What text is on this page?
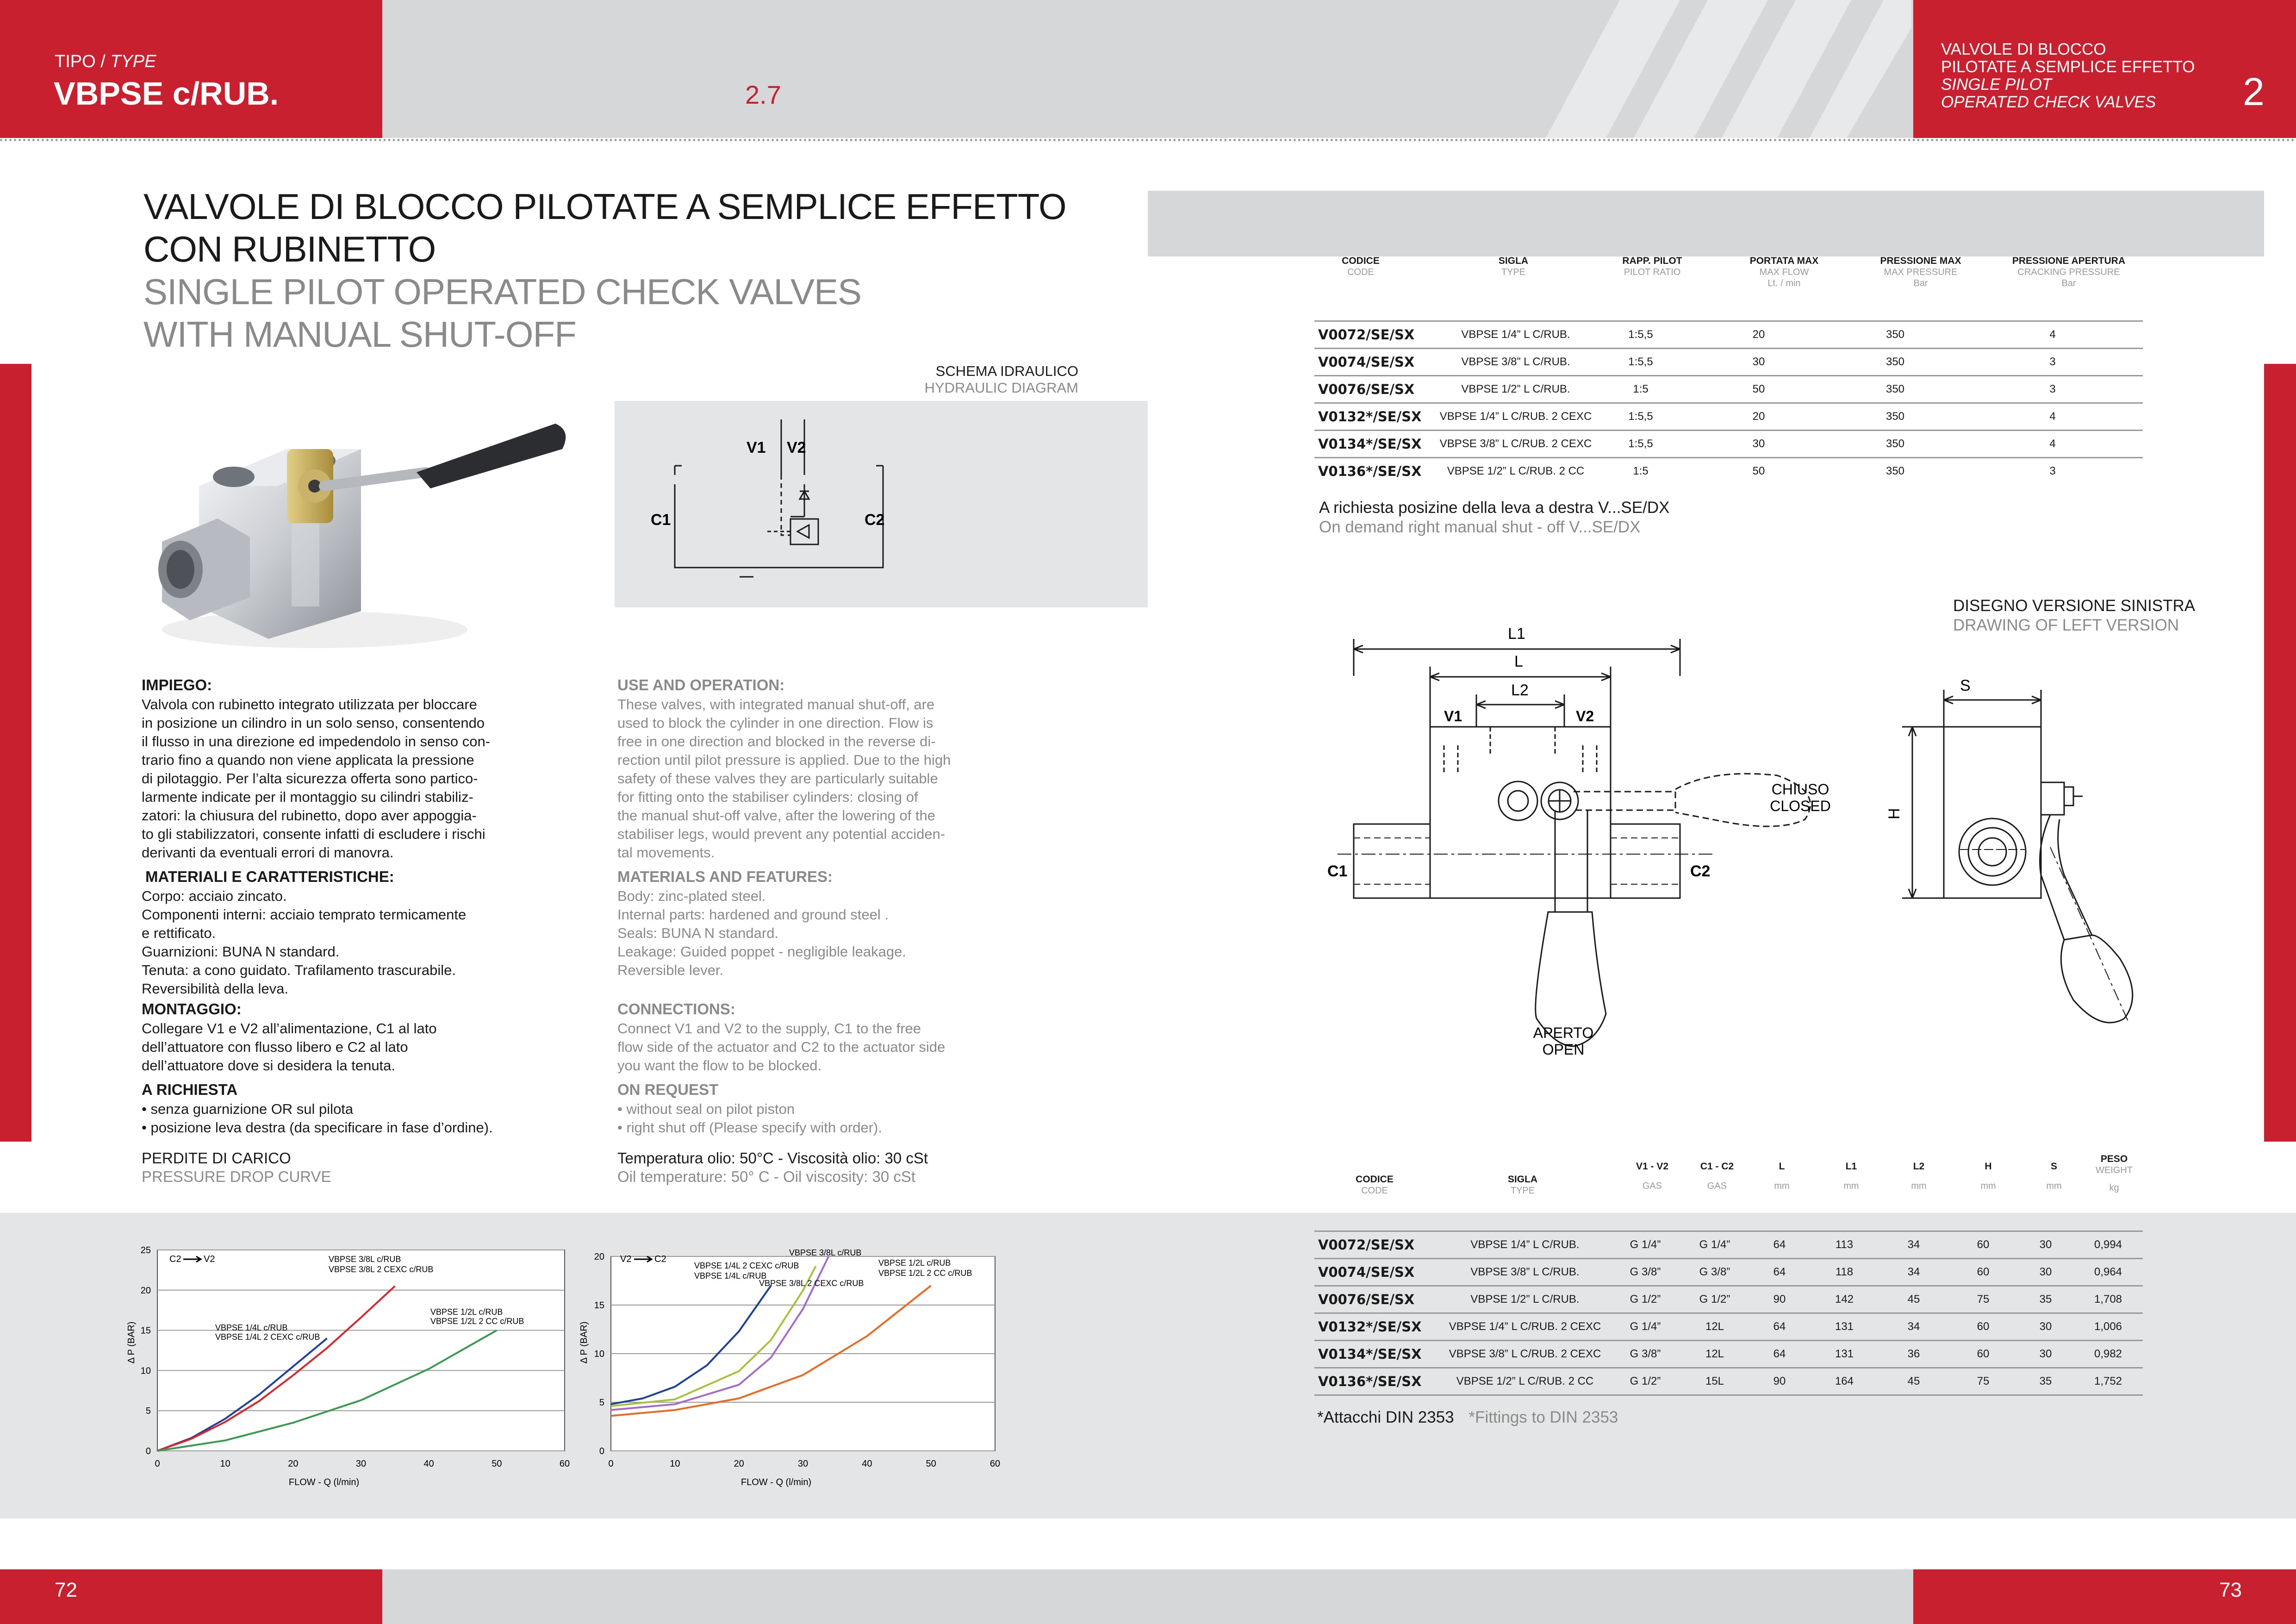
TIPO / TYPE
VBPSE c/RUB.	2.7
VALVOLE DI BLOCCO
PILOTATE A SEMPLICE EFFETTO
SINGLE PILOT
OPERATED CHECK VALVES	2
VALVOLE DI BLOCCO PILOTATE A SEMPLICE EFFETTO
CON RUBINETTO
SINGLE PILOT OPERATED CHECK VALVES
WITH MANUAL SHUT-OFF
SCHEMA IDRAULICO
HYDRAULIC DIAGRAM
V1 V2
C1	C2
IMPIEGO:
Valvola con rubinetto integrato utilizzata per bloccare
in posizione un cilindro in un solo senso, consentendo
il flusso in una direzione ed impedendolo in senso con-
trario fino a quando non viene applicata la pressione
di pilotaggio. Per l’alta sicurezza offerta sono partico-
larmente indicate per il montaggio su cilindri stabiliz-
zatori: la chiusura del rubinetto, dopo aver appoggia-
to gli stabilizzatori, consente infatti di escludere i rischi
derivanti da eventuali errori di manovra.
MATERIALI E CARATTERISTICHE:
Corpo: acciaio zincato.
Componenti interni: acciaio temprato termicamente
e rettificato.
Guarnizioni: BUNA N standard.
Tenuta: a cono guidato. Trafilamento trascurabile.
Reversibilità della leva.
MONTAGGIO:
Collegare V1 e V2 all’alimentazione, C1 al lato
dell’attuatore con flusso libero e C2 al lato
dell’attuatore dove si desidera la tenuta.
A RICHIESTA
• senza guarnizione OR sul pilota
• posizione leva destra (da specificare in fase d’ordine).
PERDITE DI CARICO
PRESSURE DROP CURVE
USE AND OPERATION:
These valves, with integrated manual shut-off, are
used to block the cylinder in one direction. Flow is
free in one direction and blocked in the reverse di-
rection until pilot pressure is applied. Due to the high
safety of these valves they are particularly suitable
for fitting onto the stabiliser cylinders: closing of
the manual shut-off valve, after the lowering of the
stabiliser legs, would prevent any potential acciden-
tal movements.
MATERIALS AND FEATURES:
Body: zinc-plated steel.
Internal parts: hardened and ground steel .
Seals: BUNA N standard.
Leakage: Guided poppet - negligible leakage.
Reversible lever.
CONNECTIONS:
Connect V1 and V2 to the supply, C1 to the free
flow side of the actuator and C2 to the actuator side
you want the flow to be blocked.
ON REQUEST
• without seal on pilot piston
• right shut off (Please specify with order).
Temperatura olio: 50°C - Viscosità olio: 30 cSt
Oil temperature: 50° C - Oil viscosity: 30 cSt
0
5
10
15
20
25
0	10	20	30	40	50	60
FLOW - Q (l/min)
Δ P (BAR)
C2 V2	VBPSE 3/8L c/RUB
VBPSE 3/8L 2 CEXC c/RUB
VBPSE 1/4L c/RUB
VBPSE 1/4L 2 CEXC c/RUB
VBPSE 1/2L c/RUB
VBPSE 1/2L 2 CC c/RUB
0
5
10
15
20
0	10	20	30	40	50	60
FLOW - Q (l/min)
Δ P (BAR)
V2 C2
VBPSE 3/8L c/RUB
VBPSE 1/4L 2 CEXC c/RUB
VBPSE 1/4L c/RUB
VBPSE 3/8L 2 CEXC c/RUB
VBPSE 1/2L c/RUB
VBPSE 1/2L 2 CC c/RUB
CODICE
CODE
SIGLA
TYPE
RAPP. PILOT
PILOT RATIO
PORTATA MAX
MAX FLOW
Lt. / min
PRESSIONE MAX
MAX PRESSURE
Bar
PRESSIONE APERTURA
CRACKING PRESSURE
Bar
V0072/SE/SX	VBPSE 1/4” L C/RUB.	1:5,5	20	350	4
V0074/SE/SX	VBPSE 3/8” L C/RUB.	1:5,5	30	350	3
V0076/SE/SX	VBPSE 1/2” L C/RUB.	1:5	50	350	3
V0132*/SE/SX	VBPSE 1/4” L C/RUB. 2 CEXC	1:5,5	20	350	4
V0134*/SE/SX	VBPSE 3/8” L C/RUB. 2 CEXC	1:5,5	30	350	4
V0136*/SE/SX	VBPSE 1/2” L C/RUB. 2 CC	1:5	50	350	3
A richiesta posizine della leva a destra V...SE/DX
On demand right manual shut - off V...SE/DX
DISEGNO VERSIONE SINISTRA
DRAWING OF LEFT VERSION
L1
L
L2
V1	V2
C1	C2
S
H
CHIUSO
CLOSED
APERTO
OPEN
CODICE
CODE
SIGLA
TYPE
V1 - V2
GAS
C1 - C2
GAS
L
mm
L1
mm
L2
mm
H
mm
S
mm
PESO
WEIGHT
kg
V0072/SE/SX	VBPSE 1/4” L C/RUB.	G 1/4”	G 1/4”	64	113	34	60	30	0,994
V0074/SE/SX	VBPSE 3/8” L C/RUB.	G 3/8”	G 3/8”	64	118	34	60	30	0,964
V0076/SE/SX	VBPSE 1/2” L C/RUB.	G 1/2”	G 1/2”	90	142	45	75	35	1,708
V0132*/SE/SX	VBPSE 1/4” L C/RUB. 2 CEXC	G 1/4”	12L	64	131	34	60	30	1,006
V0134*/SE/SX	VBPSE 3/8” L C/RUB. 2 CEXC	G 3/8”	12L	64	131	36	60	30	0,982
V0136*/SE/SX	VBPSE 1/2” L C/RUB. 2 CC	G 1/2”	15L	90	164	45	75	35	1,752
*Attacchi DIN 2353 *Fittings to DIN 2353
72	73
